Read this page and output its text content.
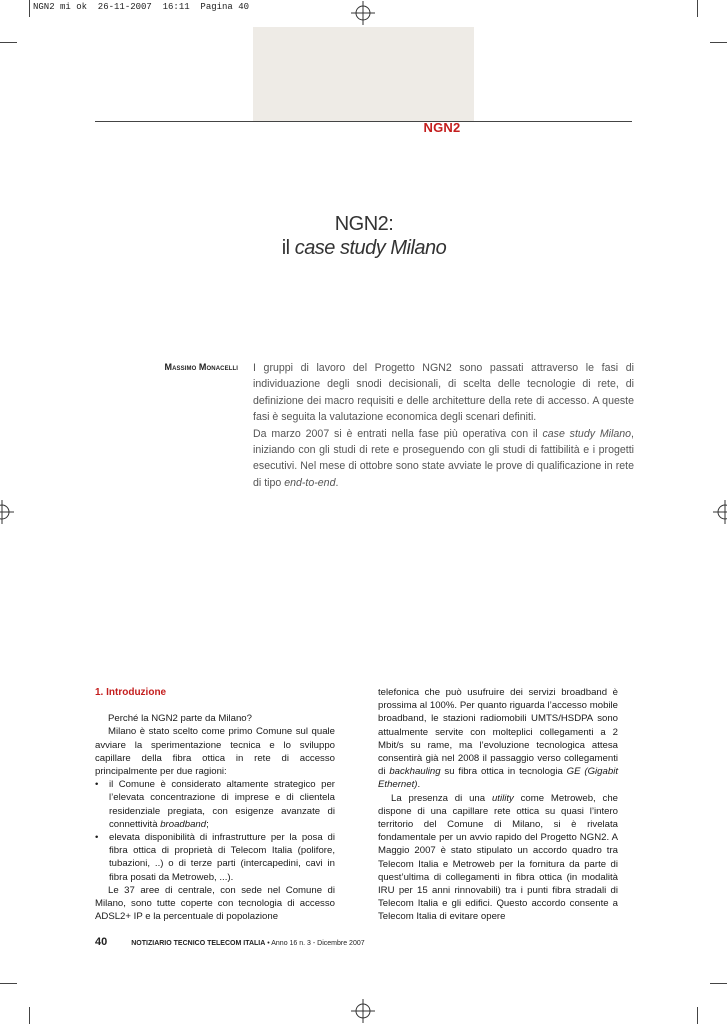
NGN2 mi ok  26-11-2007  16:11  Pagina 40
NGN2
NGN2:
il case study Milano
Massimo Monacelli I gruppi di lavoro del Progetto NGN2 sono passati attraverso le fasi di individuazione degli snodi decisionali, di scelta delle tecnologie di rete, di definizione dei macro requisiti e delle architetture della rete di accesso. A queste fasi è seguita la valutazione economica degli scenari definiti.

Da marzo 2007 si è entrati nella fase più operativa con il case study Milano, iniziando con gli studi di rete e proseguendo con gli studi di fattibilità e i progetti esecutivi. Nel mese di ottobre sono state avviate le prove di qualificazione in rete di tipo end-to-end.

1. Introduzione

Perché la NGN2 parte da Milano?

Milano è stato scelto come primo Comune sul quale avviare la sperimentazione tecnica e lo sviluppo capillare della fibra ottica in rete di accesso principalmente per due ragioni:

• il Comune è considerato altamente strategico per l’elevata concentrazione di imprese e di clientela residenziale pregiata, con esigenze avanzate di connettività broadband;

• elevata disponibilità di infrastrutture per la posa di fibra ottica di proprietà di Telecom Italia (polifore, tubazioni, ..) o di terze parti (intercapedini, cavi in fibra posati da Metroweb, ...).

Le 37 aree di centrale, con sede nel Comune di Milano, sono tutte coperte con tecnologia di accesso ADSL2+ IP e la percentuale di popolazione

telefonica che può usufruire dei servizi broadband è prossima al 100%. Per quanto riguarda l’accesso mobile broadband, le stazioni radiomobili UMTS/HSDPA sono attualmente servite con molteplici collegamenti a 2 Mbit/s su rame, ma l’evoluzione tecnologica attesa consentirà già nel 2008 il passaggio verso collegamenti di backhauling su fibra ottica in tecnologia GE (Gigabit Ethernet).

La presenza di una utility come Metroweb, che dispone di una capillare rete ottica su quasi l’intero territorio del Comune di Milano, si è rivelata fondamentale per un avvio rapido del Progetto NGN2. A Maggio 2007 è stato stipulato un accordo quadro tra Telecom Italia e Metroweb per la fornitura da parte di quest’ultima di collegamenti in fibra ottica (in modalità IRU per 15 anni rinnovabili) tra i punti fibra stradali di Telecom Italia e gli edifici. Questo accordo consente a Telecom Italia di evitare opere

40	NOTIZIARIO TECNICO TELECOM ITALIA • Anno 16 n. 3 - Dicembre 2007
